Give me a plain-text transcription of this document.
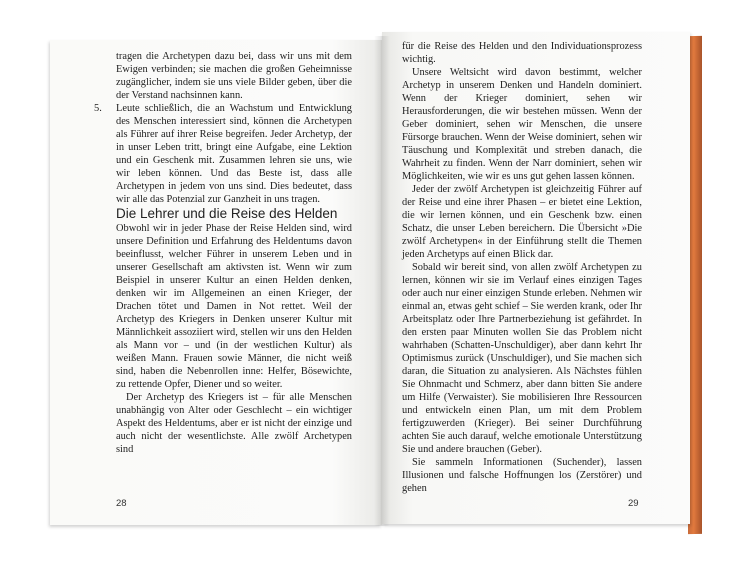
tragen die Archetypen dazu bei, dass wir uns mit dem Ewigen verbinden; sie machen die großen Geheimnisse zugänglicher, indem sie uns viele Bilder geben, über die der Verstand nachsinnen kann.

5. Leute schließlich, die an Wachstum und Entwicklung des Menschen interessiert sind, können die Archetypen als Führer auf ihrer Reise begreifen. Jeder Archetyp, der in unser Leben tritt, bringt eine Aufgabe, eine Lektion und ein Geschenk mit. Zusammen lehren sie uns, wie wir leben können. Und das Beste ist, dass alle Archetypen in jedem von uns sind. Dies bedeutet, dass wir alle das Potenzial zur Ganzheit in uns tragen.

Die Lehrer und die Reise des Helden

Obwohl wir in jeder Phase der Reise Helden sind, wird unsere Definition und Erfahrung des Heldentums davon beeinflusst, welcher Führer in unserem Leben und in unserer Gesellschaft am aktivsten ist. Wenn wir zum Beispiel in unserer Kultur an einen Helden denken, denken wir im Allgemeinen an einen Krieger, der Drachen tötet und Damen in Not rettet. Weil der Archetyp des Kriegers in Denken unserer Kultur mit Männlichkeit assoziiert wird, stellen wir uns den Helden als Mann vor – und (in der westlichen Kultur) als weißen Mann. Frauen sowie Männer, die nicht weiß sind, haben die Nebenrollen inne: Helfer, Bösewichte, zu rettende Opfer, Diener und so weiter.

Der Archetyp des Kriegers ist – für alle Menschen unabhängig von Alter oder Geschlecht – ein wichtiger Aspekt des Heldentums, aber er ist nicht der einzige und auch nicht der wesentlichste. Alle zwölf Archetypen sind

28

für die Reise des Helden und den Individuationsprozess wichtig.

Unsere Weltsicht wird davon bestimmt, welcher Archetyp in unserem Denken und Handeln dominiert. Wenn der Krieger dominiert, sehen wir Herausforderungen, die wir bestehen müssen. Wenn der Geber dominiert, sehen wir Menschen, die unsere Fürsorge brauchen. Wenn der Weise dominiert, sehen wir Täuschung und Komplexität und streben danach, die Wahrheit zu finden. Wenn der Narr dominiert, sehen wir Möglichkeiten, wie wir es uns gut gehen lassen können.

Jeder der zwölf Archetypen ist gleichzeitig Führer auf der Reise und eine ihrer Phasen – er bietet eine Lektion, die wir lernen können, und ein Geschenk bzw. einen Schatz, die unser Leben bereichern. Die Übersicht »Die zwölf Archetypen« in der Einführung stellt die Themen jeden Archetyps auf einen Blick dar.

Sobald wir bereit sind, von allen zwölf Archetypen zu lernen, können wir sie im Verlauf eines einzigen Tages oder auch nur einer einzigen Stunde erleben. Nehmen wir einmal an, etwas geht schief – Sie werden krank, oder Ihr Arbeitsplatz oder Ihre Partnerbeziehung ist gefährdet. In den ersten paar Minuten wollen Sie das Problem nicht wahrhaben (Schatten-Unschuldiger), aber dann kehrt Ihr Optimismus zurück (Unschuldiger), und Sie machen sich daran, die Situation zu analysieren. Als Nächstes fühlen Sie Ohnmacht und Schmerz, aber dann bitten Sie andere um Hilfe (Verwaister). Sie mobilisieren Ihre Ressourcen und entwickeln einen Plan, um mit dem Problem fertigzuwerden (Krieger). Bei seiner Durchführung achten Sie auch darauf, welche emotionale Unterstützung Sie und andere brauchen (Geber).

Sie sammeln Informationen (Suchender), lassen Illusionen und falsche Hoffnungen los (Zerstörer) und gehen

29
